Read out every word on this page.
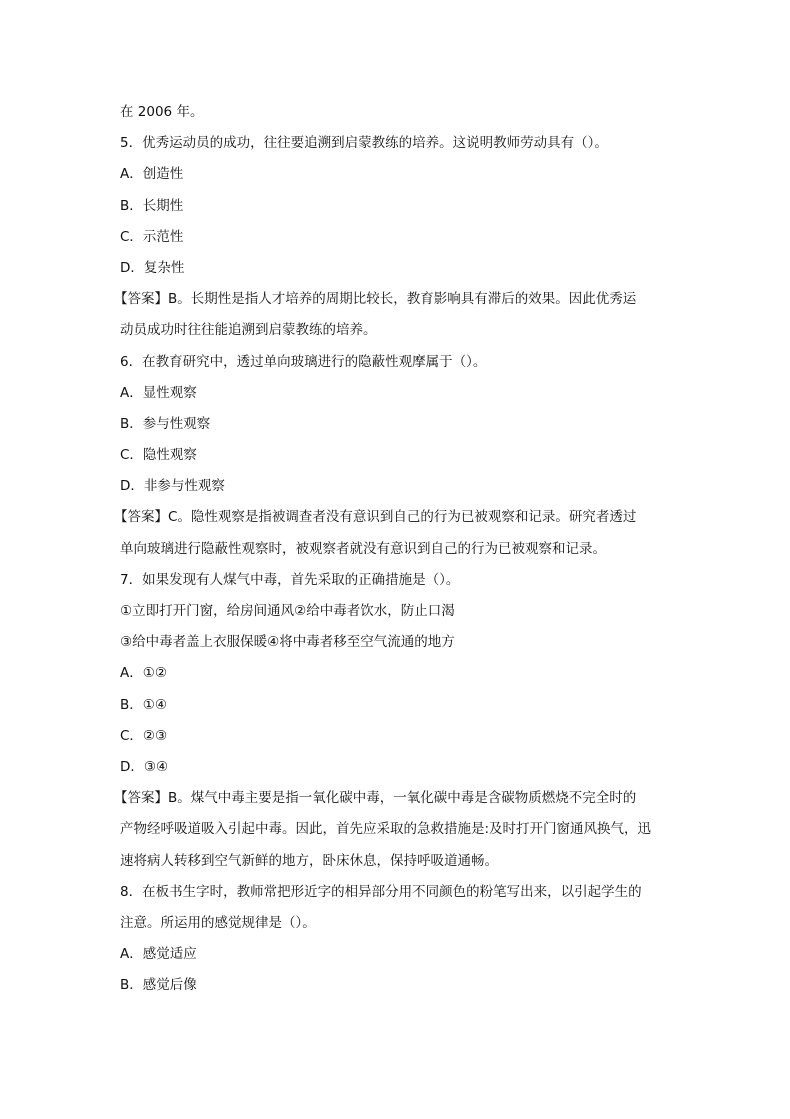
在 2006 年。
5．优秀运动员的成功，往往要追溯到启蒙教练的培养。这说明教师劳动具有（）。
A．创造性
B．长期性
C．示范性
D．复杂性
【答案】B。长期性是指人才培养的周期比较长，教育影响具有滞后的效果。因此优秀运
动员成功时往往能追溯到启蒙教练的培养。
6．在教育研究中，透过单向玻璃进行的隐蔽性观摩属于（）。
A．显性观察
B．参与性观察
C．隐性观察
D．非参与性观察
【答案】C。隐性观察是指被调查者没有意识到自己的行为已被观察和记录。研究者透过
单向玻璃进行隐蔽性观察时，被观察者就没有意识到自己的行为已被观察和记录。
7．如果发现有人煤气中毒，首先采取的正确措施是（）。
①立即打开门窗，给房间通风②给中毒者饮水，防止口渴
③给中毒者盖上衣服保暖④将中毒者移至空气流通的地方
A．①②
B．①④
C．②③
D．③④
【答案】B。煤气中毒主要是指一氧化碳中毒，一氧化碳中毒是含碳物质燃烧不完全时的
产物经呼吸道吸入引起中毒。因此，首先应采取的急救措施是:及时打开门窗通风换气，迅
速将病人转移到空气新鲜的地方，卧床休息，保持呼吸道通畅。
8．在板书生字时，教师常把形近字的相异部分用不同颜色的粉笔写出来，以引起学生的
注意。所运用的感觉规律是（）。
A．感觉适应
B．感觉后像
